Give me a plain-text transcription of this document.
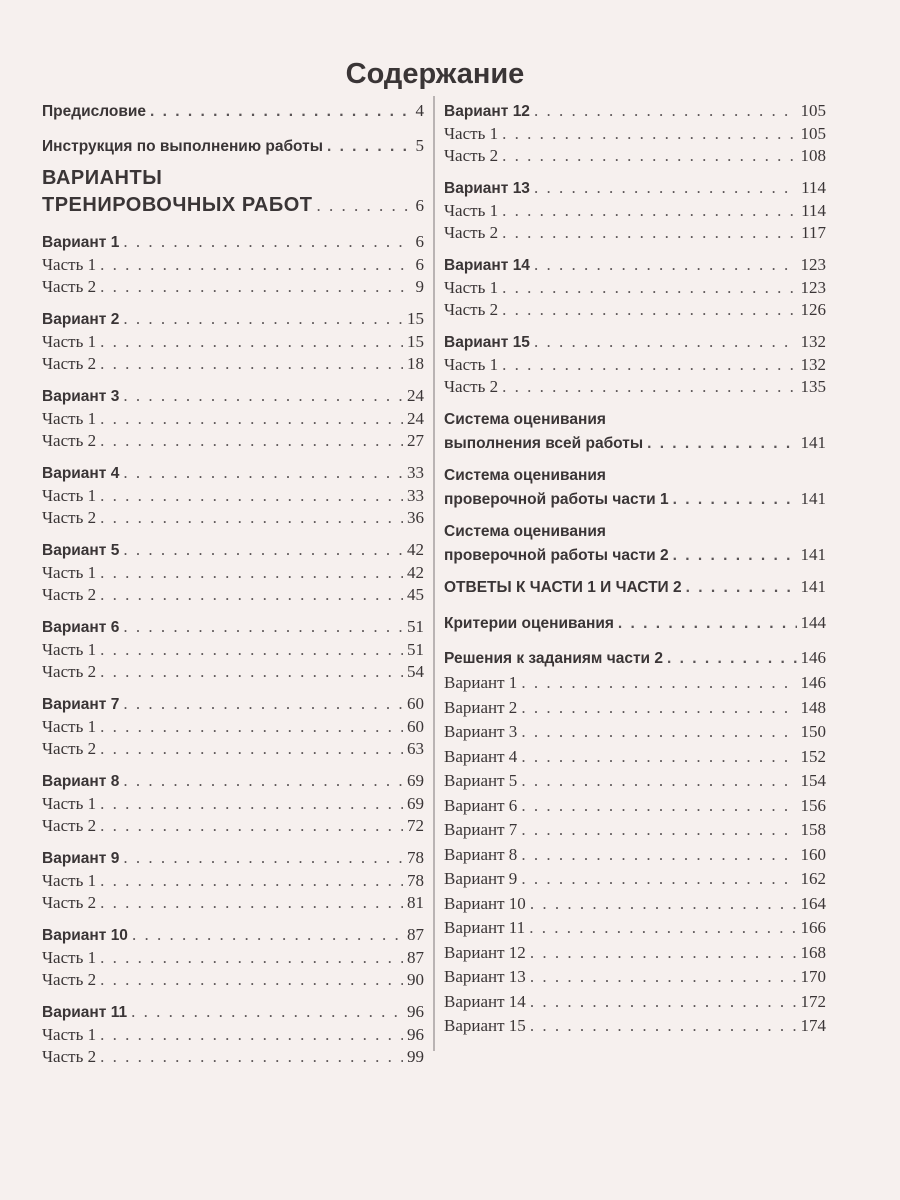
Содержание
Предисловие . . .	4
Инструкция по выполнению работы . . .	5
ВАРИАНТЫ
ТРЕНИРОВОЧНЫХ РАБОТ . . .	6
Вариант 1 . . .	6
Часть 1 . . .	6
Часть 2 . . .	9
Вариант 2 . . .	15
Часть 1 . . .	15
Часть 2 . . .	18
Вариант 3 . . .	24
Часть 1 . . .	24
Часть 2 . . .	27
Вариант 4 . . .	33
Часть 1 . . .	33
Часть 2 . . .	36
Вариант 5 . . .	42
Часть 1 . . .	42
Часть 2 . . .	45
Вариант 6 . . .	51
Часть 1 . . .	51
Часть 2 . . .	54
Вариант 7 . . .	60
Часть 1 . . .	60
Часть 2 . . .	63
Вариант 8 . . .	69
Часть 1 . . .	69
Часть 2 . . .	72
Вариант 9 . . .	78
Часть 1 . . .	78
Часть 2 . . .	81
Вариант 10 . . .	87
Часть 1 . . .	87
Часть 2 . . .	90
Вариант 11 . . .	96
Часть 1 . . .	96
Часть 2 . . .	99
Вариант 12 . . .	105
Часть 1 . . .	105
Часть 2 . . .	108
Вариант 13 . . .	114
Часть 1 . . .	114
Часть 2 . . .	117
Вариант 14 . . .	123
Часть 1 . . .	123
Часть 2 . . .	126
Вариант 15 . . .	132
Часть 1 . . .	132
Часть 2 . . .	135
Система оценивания
выполнения всей работы . . .	141
Система оценивания
проверочной работы части 1 . . .	141
Система оценивания
проверочной работы части 2 . . .	141
ОТВЕТЫ К ЧАСТИ 1 И ЧАСТИ 2 . . .	141
Критерии оценивания . . .	144
Решения к заданиям части 2 . . .	146
Вариант 1 . . .	146
Вариант 2 . . .	148
Вариант 3 . . .	150
Вариант 4 . . .	152
Вариант 5 . . .	154
Вариант 6 . . .	156
Вариант 7 . . .	158
Вариант 8 . . .	160
Вариант 9 . . .	162
Вариант 10 . . .	164
Вариант 11 . . .	166
Вариант 12 . . .	168
Вариант 13 . . .	170
Вариант 14 . . .	172
Вариант 15 . . .	174
